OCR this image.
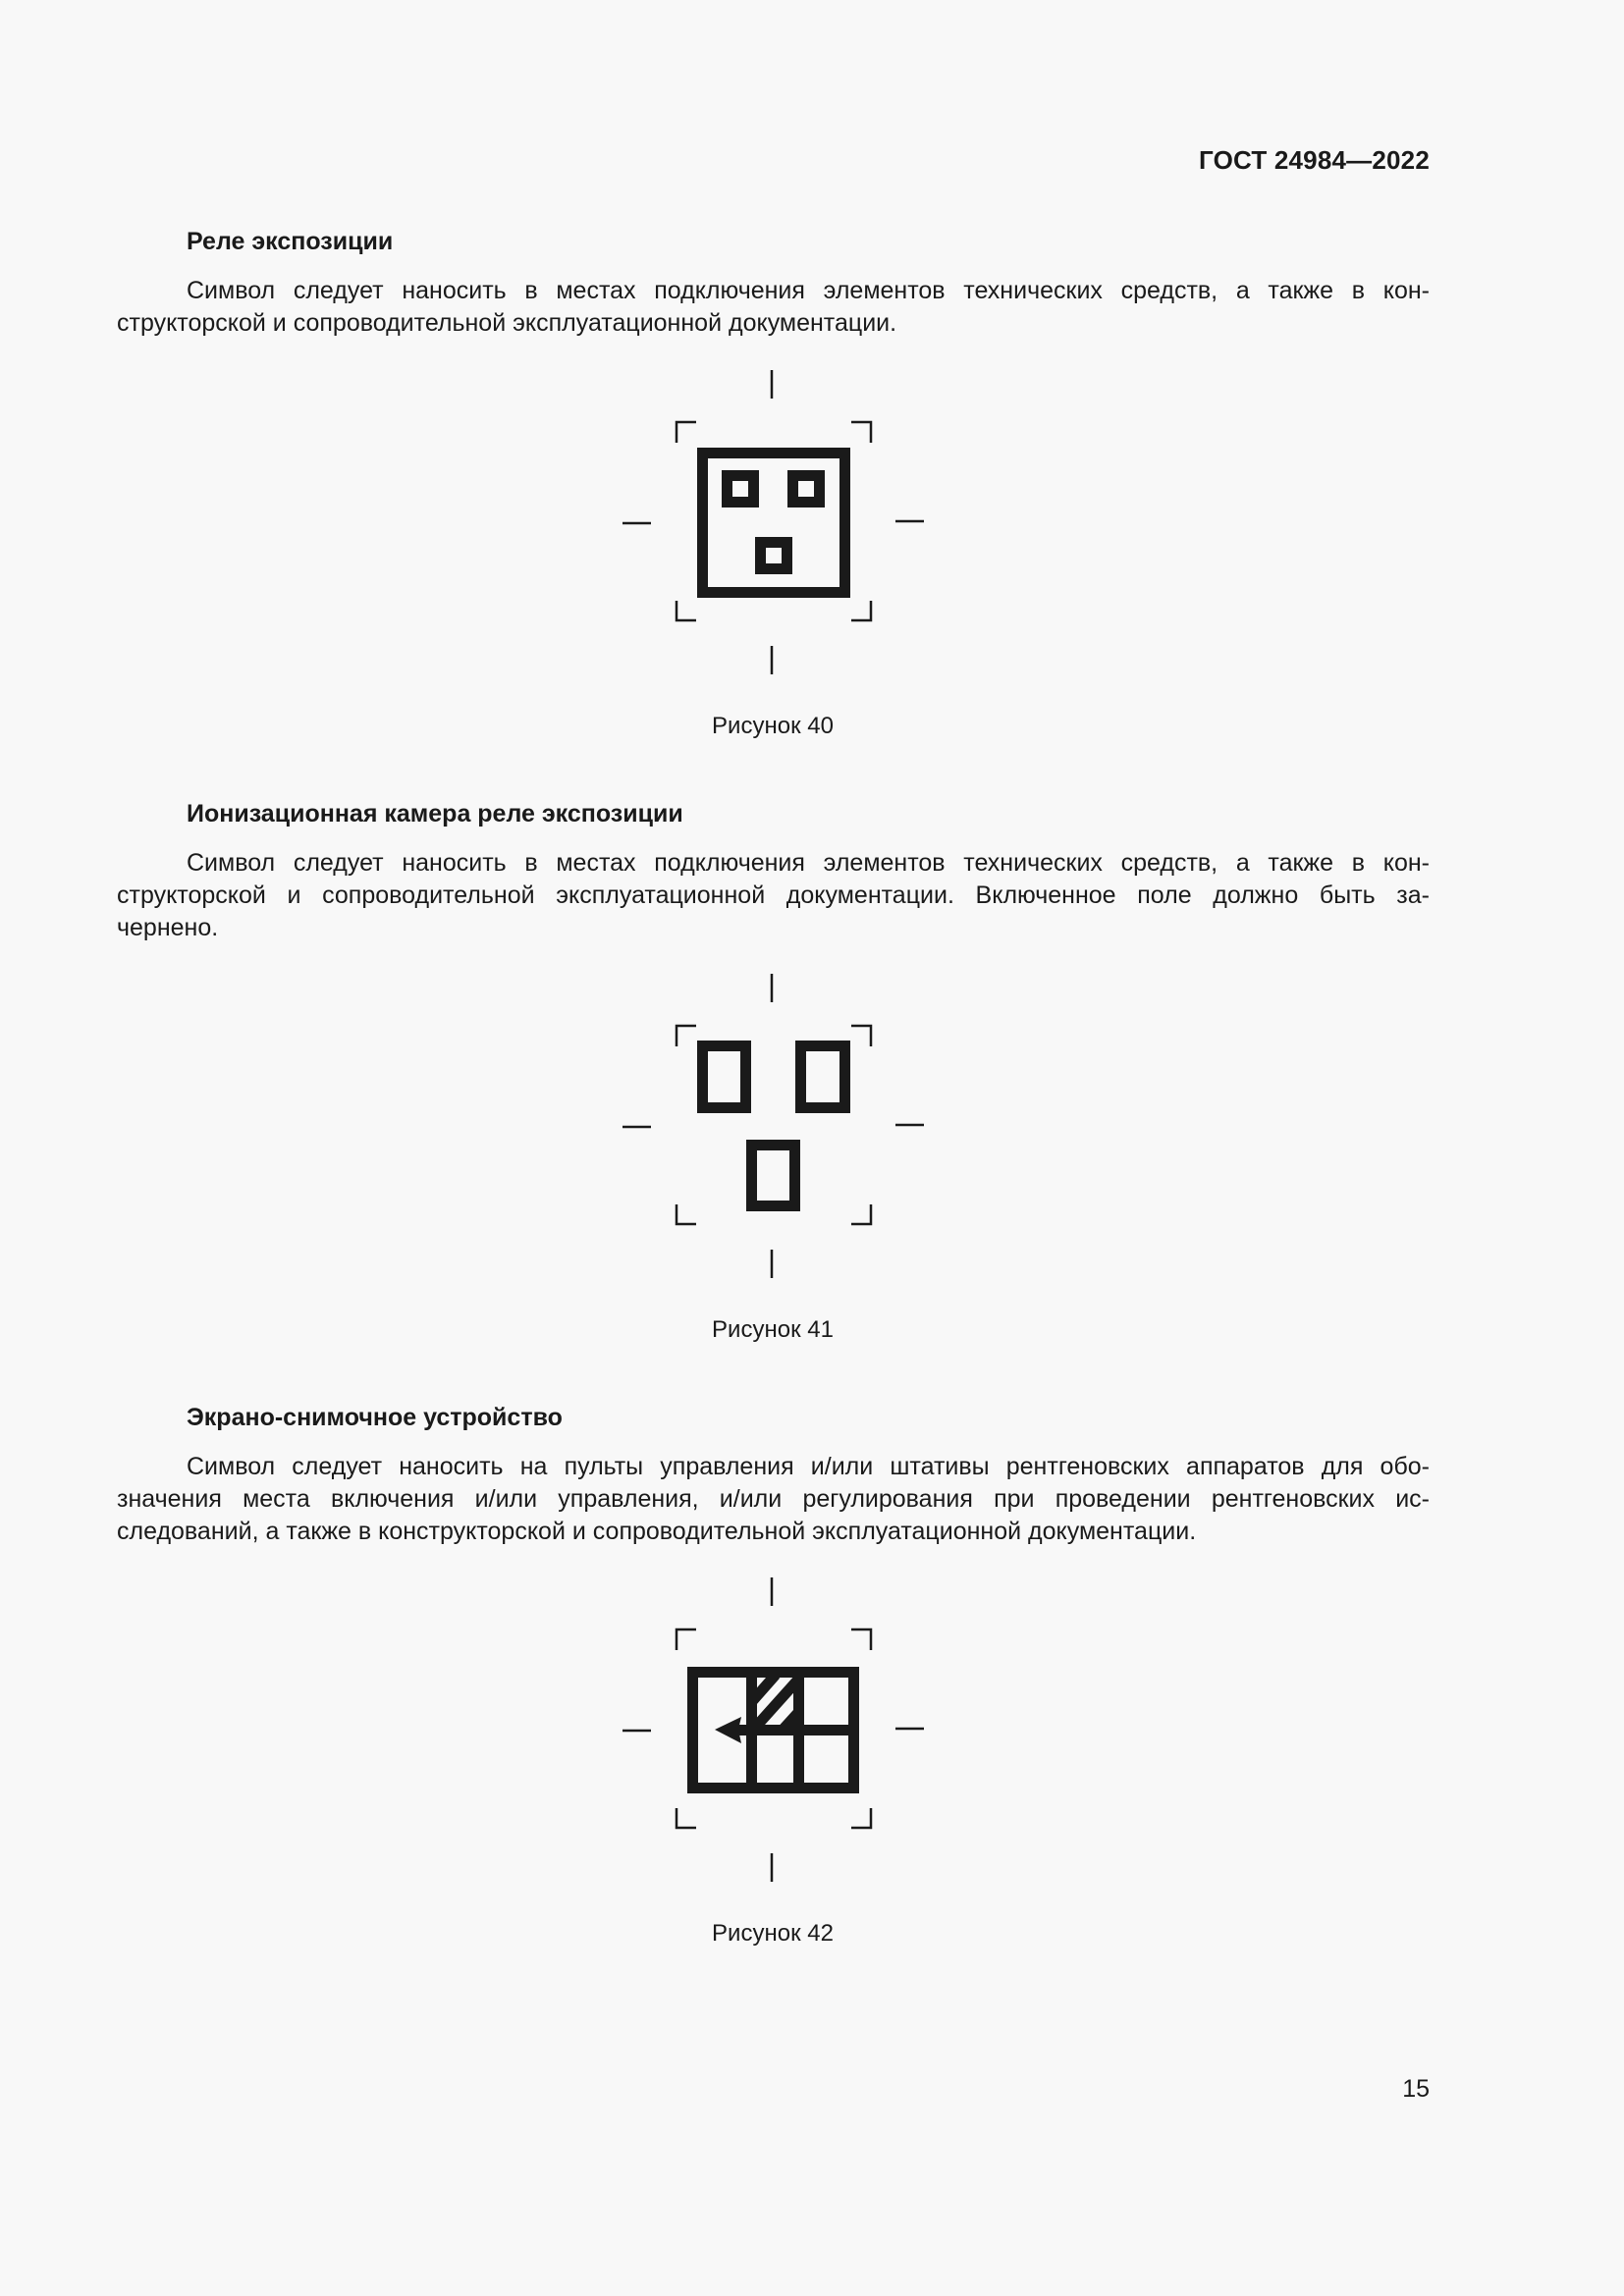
ГОСТ 24984—2022
Реле экспозиции
Символ следует наносить в местах подключения элементов технических средств, а также в кон-
структорской и сопроводительной эксплуатационной документации.
Рисунок 40
Ионизационная камера реле экспозиции
Символ следует наносить в местах подключения элементов технических средств, а также в кон-
структорской и сопроводительной эксплуатационной документации. Включенное поле должно быть за-
чернено.
Рисунок 41
Экрано-снимочное устройство
Символ следует наносить на пульты управления и/или штативы рентгеновских аппаратов для обо-
значения места включения и/или управления, и/или регулирования при проведении рентгеновских ис-
следований, а также в конструкторской и сопроводительной эксплуатационной документации.
Рисунок 42
15
